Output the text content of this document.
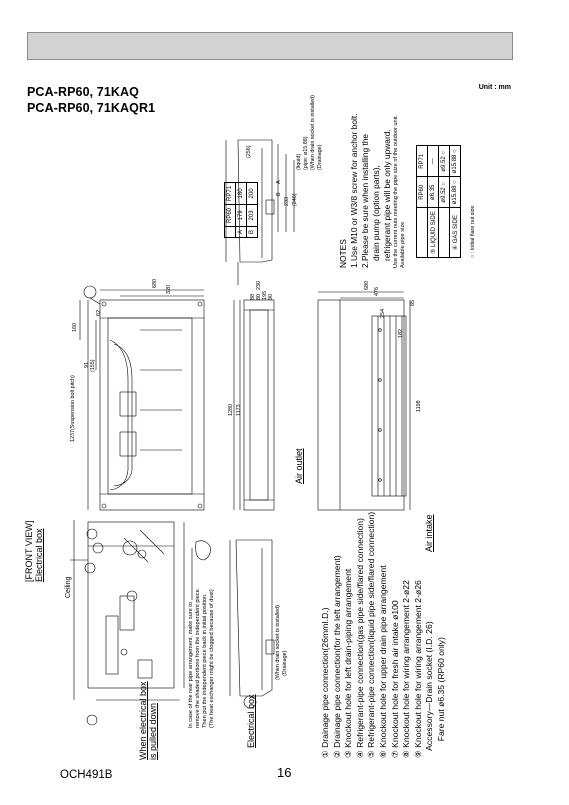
PCA-RP60, 71KAQ
PCA-RP60, 71KAQR1
Unit : mm
① Drainage pipe connection(26mmI.D.) ② Drainage pipe connection(for the left arrangement) ③ Knockout hole for left drain-piping arrangement ④ Refrigerant-pipe connection(gas pipe side/flared connection) ⑤ Refrigerant-pipe connection(liquid pipe side/flared connection) ⑥ Knockout hole for upper drain pipe arrangement ⑦ Knockout hole for fresh air intake ø100 ⑧ Knockout hole for wiring arrangement 2-ø22 ⑨ Knockout hole for wiring arrangement 2-ø26 Accessory—Drain socket (I.D. 26) Fare nut ø6.35 (RP60 only)
NOTES 1.Use M10 or W3/8 screw for anchor bolt. 2.Please be sure when installing the drain pump (option parts), refrigerant pipe will be only upward. Use the current nuts meeting the pipe size of the outdoor unit. Available pipe size
	RP60	RP71
⑤ LIQUID SIDE	ø6.35	—
	ø9.52 ○	ø9.52 ○
④ GAS SIDE	ø15.88 ○	ø15.88 ○
○ : Initial flare nut size
	RP60	RP71
A	179	180
B	203	200
[FRONT VIEW] Electrical box
Ceiling
When electrical box is pulled down
In case of the rear pipe arrangement, make sure to remove the shaded portions from the independent piece. Then put the independent piece back in initial position. (The heat exchanger might be clogged because of dust)	Electrical box
(When drain socket is installed) (Drainage)
Air outlet
Air intake
1237(Suspension bolt pitch)
(liquid) (pipe: ø15.88) (When drain socket is installed) (Drainage)
680
320
62
160
91 (155)
1280 1173
230
195 90
80
88
680
476
254
85
182
1198
(256)
233 (246)
A
B
OCH491B	16
